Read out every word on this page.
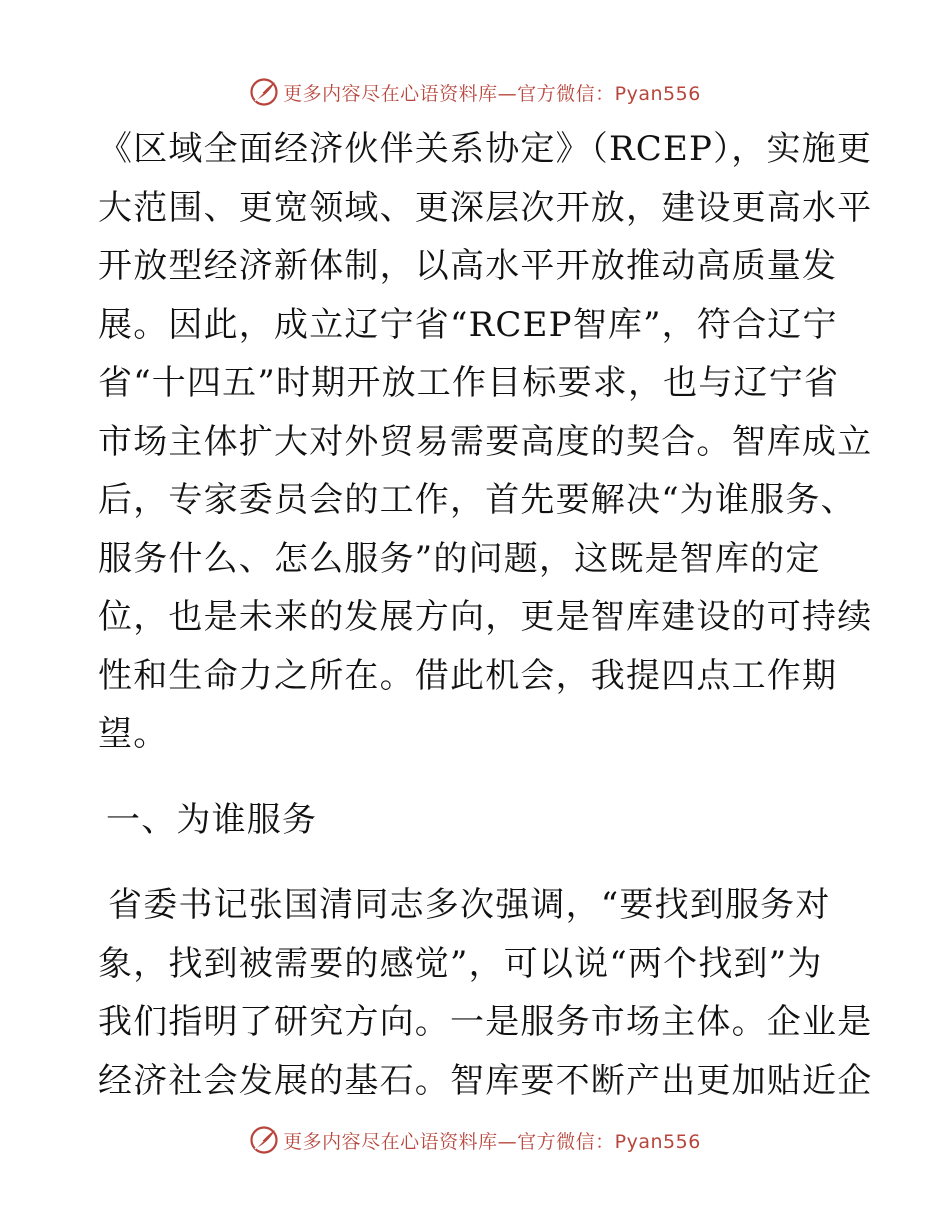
更多内容尽在心语资料库—官方微信：Pyan556
《区域全面经济伙伴关系协定》（RCEP），实施更
大范围、更宽领域、更深层次开放，建设更高水平
开放型经济新体制，以高水平开放推动高质量发
展。因此，成立辽宁省“RCEP智库”，符合辽宁
省“十四五”时期开放工作目标要求，也与辽宁省
市场主体扩大对外贸易需要高度的契合。智库成立
后，专家委员会的工作，首先要解决“为谁服务、
服务什么、怎么服务”的问题，这既是智库的定
位，也是未来的发展方向，更是智库建设的可持续
性和生命力之所在。借此机会，我提四点工作期
望。
一、为谁服务
省委书记张国清同志多次强调，“要找到服务对
象，找到被需要的感觉”，可以说“两个找到”为
我们指明了研究方向。一是服务市场主体。企业是
经济社会发展的基石。智库要不断产出更加贴近企
更多内容尽在心语资料库—官方微信：Pyan556
